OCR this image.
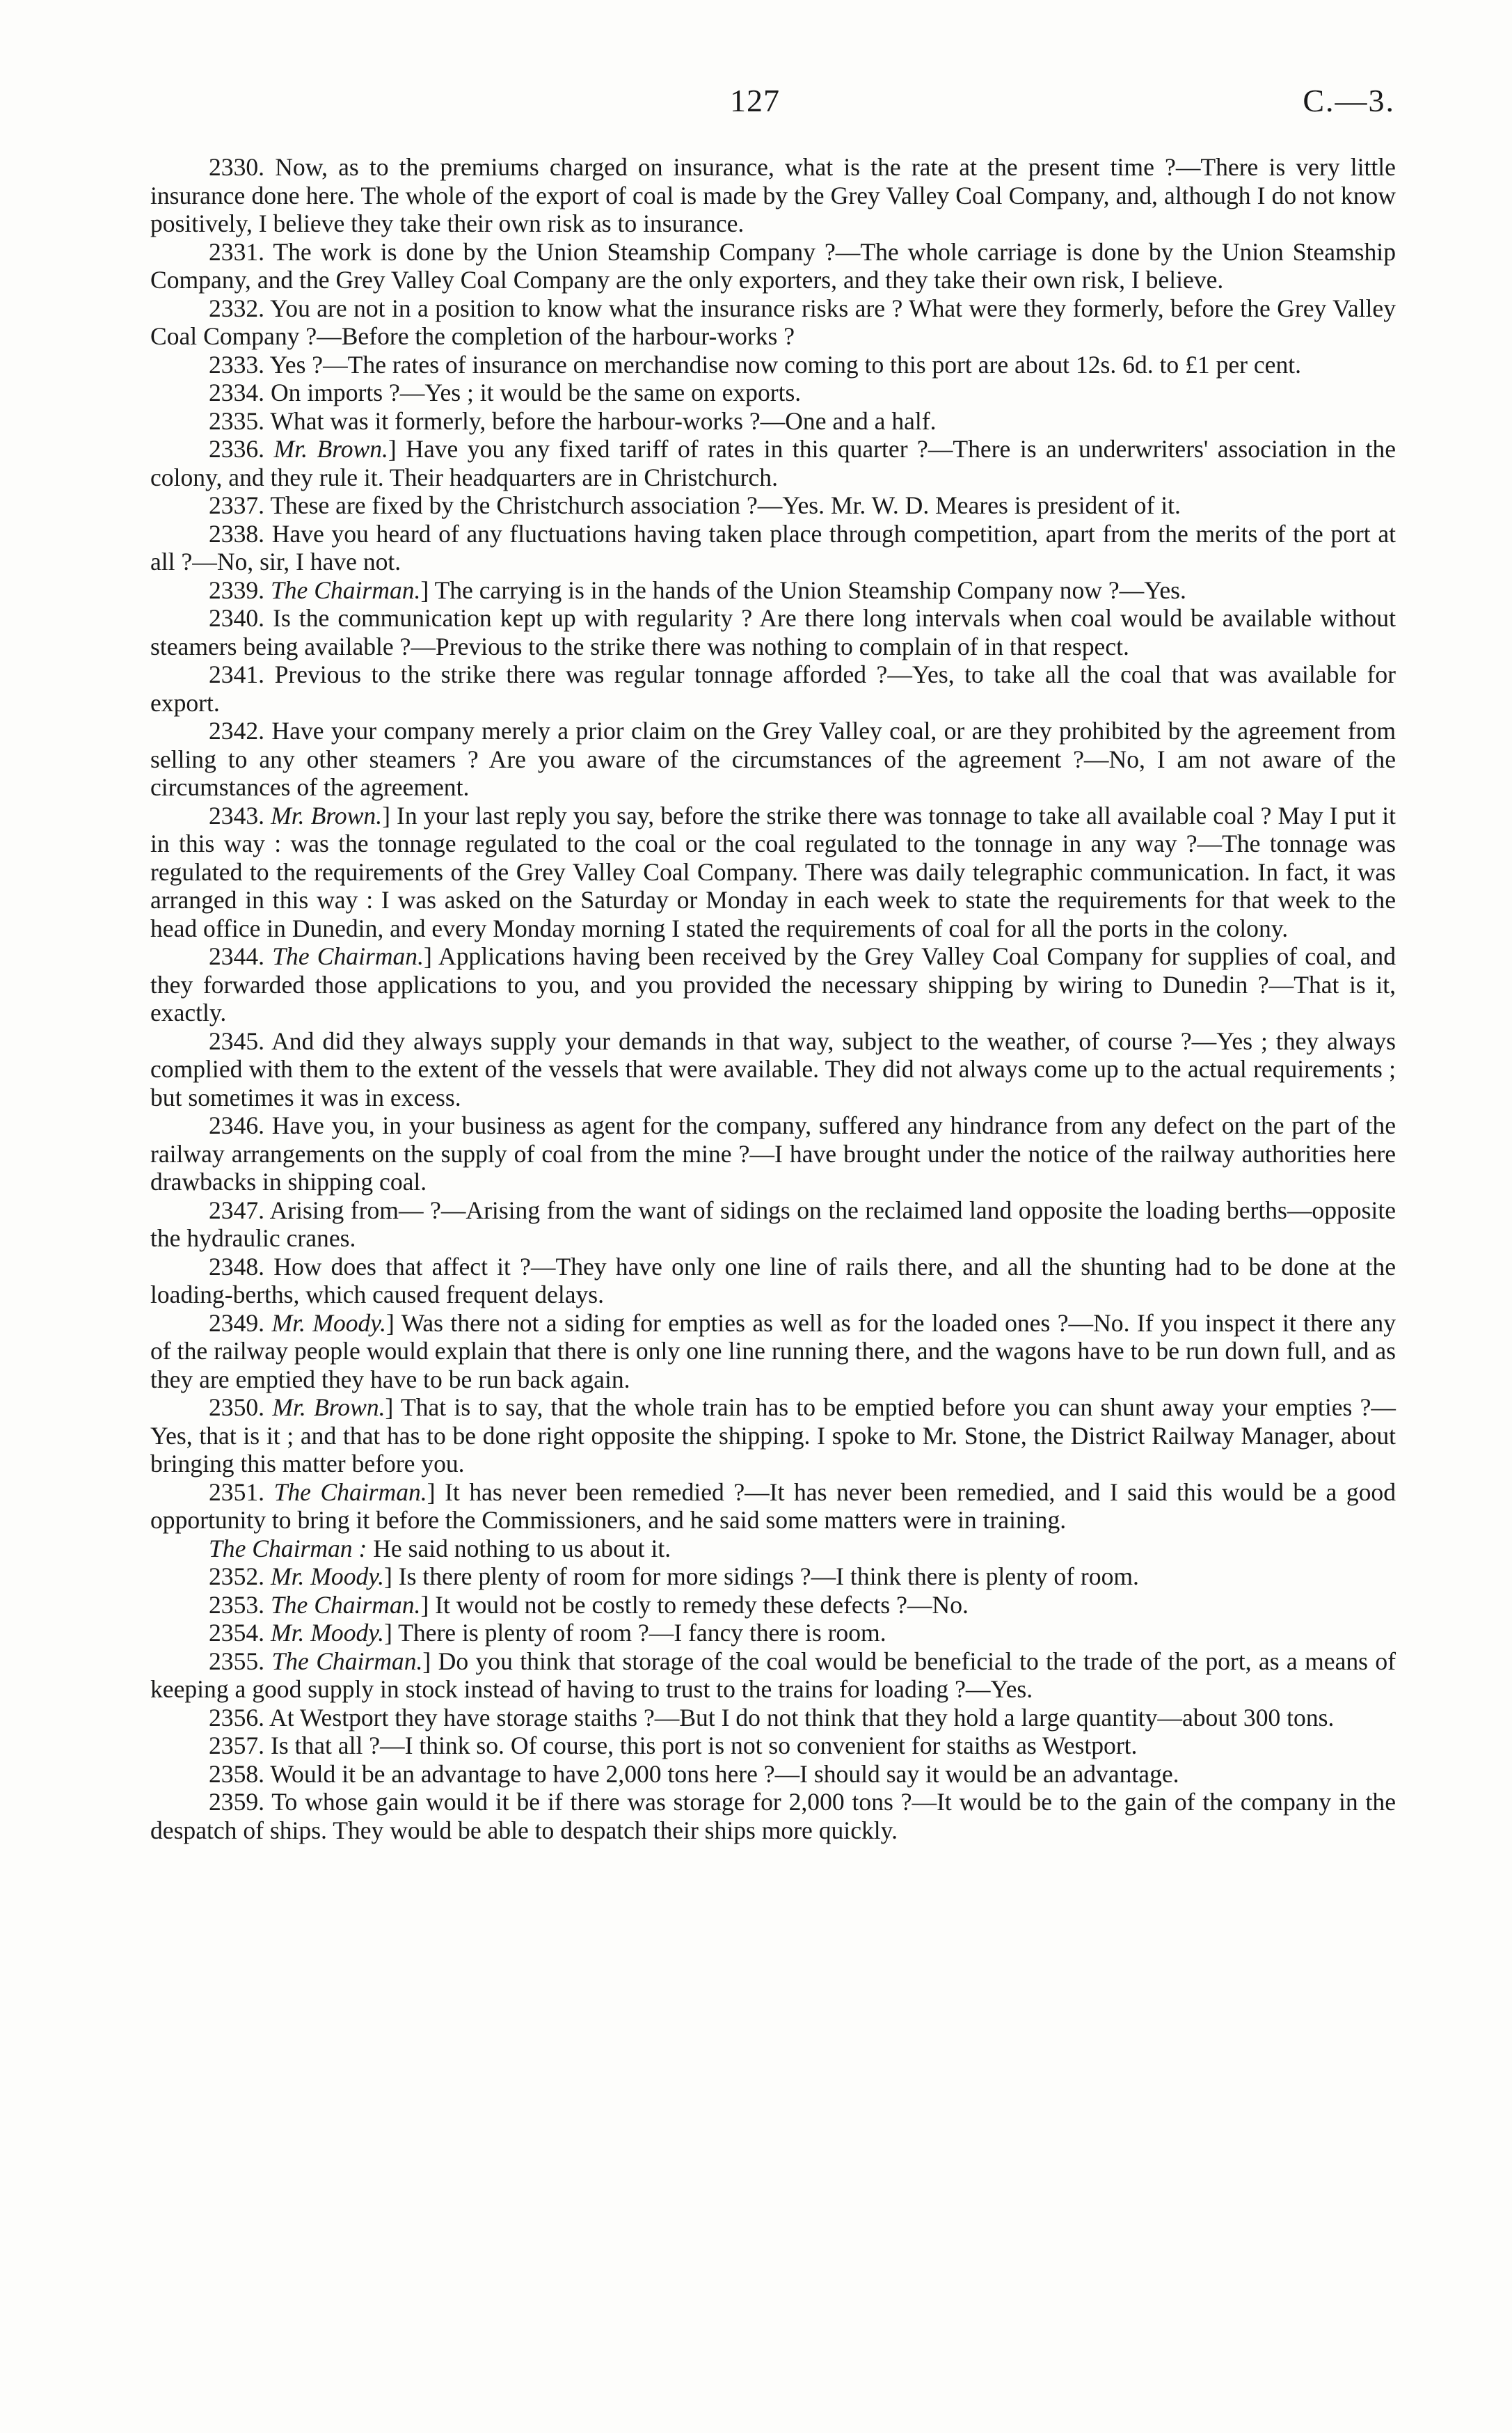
127	C.—3.

2330. Now, as to the premiums charged on insurance, what is the rate at the present time ?—There is very little insurance done here. The whole of the export of coal is made by the Grey Valley Coal Company, and, although I do not know positively, I believe they take their own risk as to insurance.

2331. The work is done by the Union Steamship Company ?—The whole carriage is done by the Union Steamship Company, and the Grey Valley Coal Company are the only exporters, and they take their own risk, I believe.

2332. You are not in a position to know what the insurance risks are ? What were they formerly, before the Grey Valley Coal Company ?—Before the completion of the harbour-works ?

2333. Yes ?—The rates of insurance on merchandise now coming to this port are about 12s. 6d. to £1 per cent.

2334. On imports ?—Yes ; it would be the same on exports.

2335. What was it formerly, before the harbour-works ?—One and a half.

2336. Mr. Brown.] Have you any fixed tariff of rates in this quarter ?—There is an underwriters' association in the colony, and they rule it. Their headquarters are in Christchurch.

2337. These are fixed by the Christchurch association ?—Yes. Mr. W. D. Meares is president of it.

2338. Have you heard of any fluctuations having taken place through competition, apart from the merits of the port at all ?—No, sir, I have not.

2339. The Chairman.] The carrying is in the hands of the Union Steamship Company now ?—Yes.

2340. Is the communication kept up with regularity ? Are there long intervals when coal would be available without steamers being available ?—Previous to the strike there was nothing to complain of in that respect.

2341. Previous to the strike there was regular tonnage afforded ?—Yes, to take all the coal that was available for export.

2342. Have your company merely a prior claim on the Grey Valley coal, or are they prohibited by the agreement from selling to any other steamers ? Are you aware of the circumstances of the agreement ?—No, I am not aware of the circumstances of the agreement.

2343. Mr. Brown.] In your last reply you say, before the strike there was tonnage to take all available coal ? May I put it in this way : was the tonnage regulated to the coal or the coal regulated to the tonnage in any way ?—The tonnage was regulated to the requirements of the Grey Valley Coal Company. There was daily telegraphic communication. In fact, it was arranged in this way : I was asked on the Saturday or Monday in each week to state the requirements for that week to the head office in Dunedin, and every Monday morning I stated the requirements of coal for all the ports in the colony.

2344. The Chairman.] Applications having been received by the Grey Valley Coal Company for supplies of coal, and they forwarded those applications to you, and you provided the necessary shipping by wiring to Dunedin ?—That is it, exactly.

2345. And did they always supply your demands in that way, subject to the weather, of course ?—Yes ; they always complied with them to the extent of the vessels that were available. They did not always come up to the actual requirements ; but sometimes it was in excess.

2346. Have you, in your business as agent for the company, suffered any hindrance from any defect on the part of the railway arrangements on the supply of coal from the mine ?—I have brought under the notice of the railway authorities here drawbacks in shipping coal.

2347. Arising from— ?—Arising from the want of sidings on the reclaimed land opposite the loading berths—opposite the hydraulic cranes.

2348. How does that affect it ?—They have only one line of rails there, and all the shunting had to be done at the loading-berths, which caused frequent delays.

2349. Mr. Moody.] Was there not a siding for empties as well as for the loaded ones ?—No. If you inspect it there any of the railway people would explain that there is only one line running there, and the wagons have to be run down full, and as they are emptied they have to be run back again.

2350. Mr. Brown.] That is to say, that the whole train has to be emptied before you can shunt away your empties ?—Yes, that is it ; and that has to be done right opposite the shipping. I spoke to Mr. Stone, the District Railway Manager, about bringing this matter before you.

2351. The Chairman.] It has never been remedied ?—It has never been remedied, and I said this would be a good opportunity to bring it before the Commissioners, and he said some matters were in training.

The Chairman : He said nothing to us about it.

2352. Mr. Moody.] Is there plenty of room for more sidings ?—I think there is plenty of room.

2353. The Chairman.] It would not be costly to remedy these defects ?—No.

2354. Mr. Moody.] There is plenty of room ?—I fancy there is room.

2355. The Chairman.] Do you think that storage of the coal would be beneficial to the trade of the port, as a means of keeping a good supply in stock instead of having to trust to the trains for loading ?—Yes.

2356. At Westport they have storage staiths ?—But I do not think that they hold a large quantity—about 300 tons.

2357. Is that all ?—I think so. Of course, this port is not so convenient for staiths as Westport.

2358. Would it be an advantage to have 2,000 tons here ?—I should say it would be an advantage.

2359. To whose gain would it be if there was storage for 2,000 tons ?—It would be to the gain of the company in the despatch of ships. They would be able to despatch their ships more quickly.
